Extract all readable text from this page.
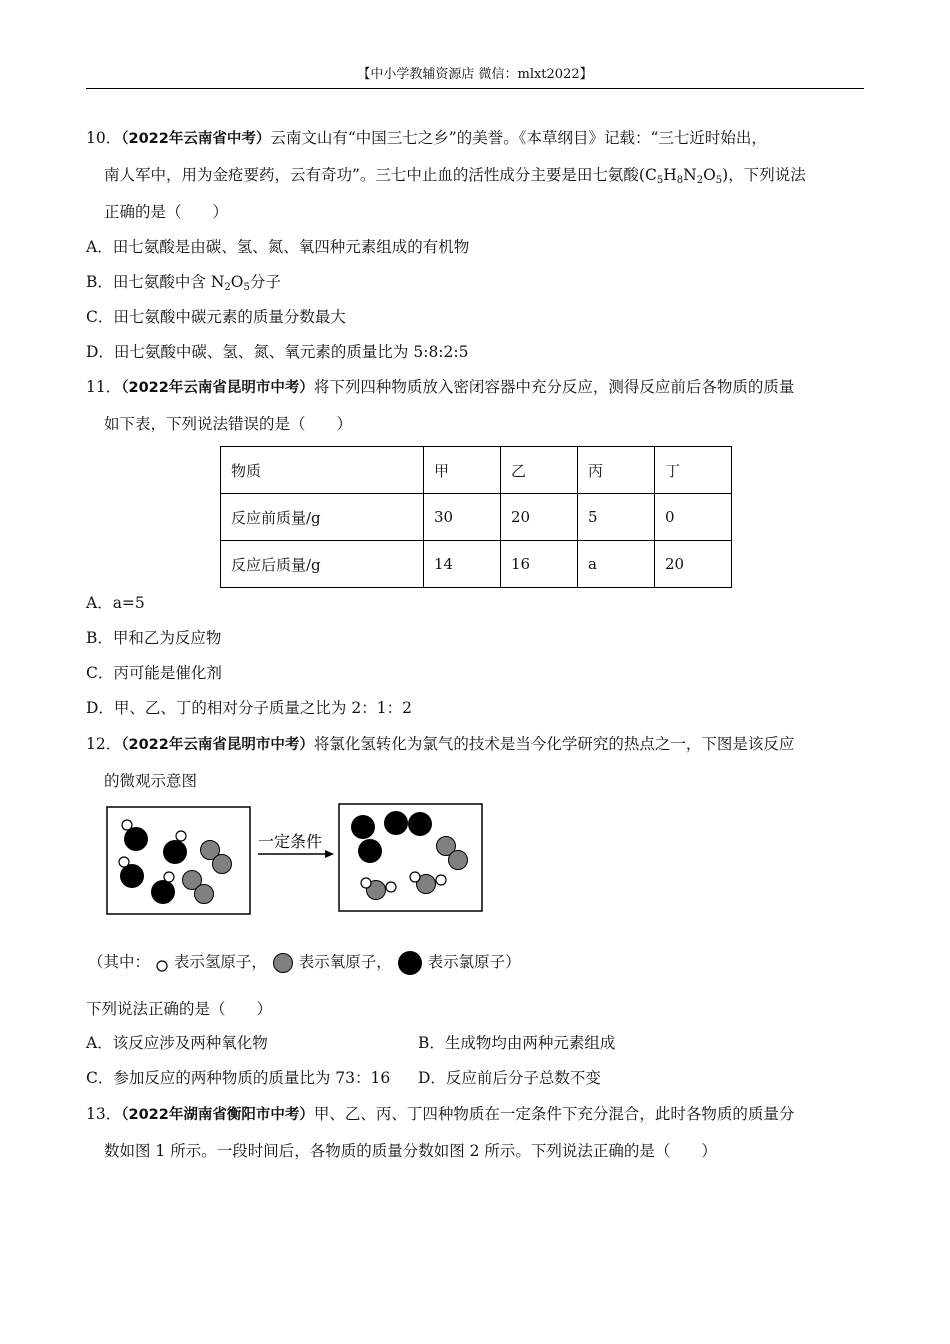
【中小学教辅资源店 微信：mlxt2022】
10．（2022年云南省中考）云南文山有“中国三七之乡”的美誉。《本草纲目》记载：“三七近时始出，
南人军中，用为金疮要药，云有奇功”。三七中止血的活性成分主要是田七氨酸$(C_5H_8N_2O_5)$，下列说法
正确的是（　　）
A．田七氨酸是由碳、氢、氮、氧四种元素组成的有机物
B．田七氨酸中含 $N_2O_5$分子
C．田七氨酸中碳元素的质量分数最大
D．田七氨酸中碳、氢、氮、氧元素的质量比为 5:8:2:5
11．（2022年云南省昆明市中考）将下列四种物质放入密闭容器中充分反应，测得反应前后各物质的质量
如下表，下列说法错误的是（　　）
物质	甲	乙	丙	丁
反应前质量/g	30	20	5	0
反应后质量/g	14	16	a	20
A．a=5
B．甲和乙为反应物
C．丙可能是催化剂
D．甲、乙、丁的相对分子质量之比为 2：1：2
12．（2022年云南省昆明市中考）将氯化氢转化为氯气的技术是当今化学研究的热点之一，下图是该反应
的微观示意图
一定条件
（其中： 表示氢原子， 表示氧原子， 表示氯原子）
下列说法正确的是（　　）
A．该反应涉及两种氧化物	B．生成物均由两种元素组成
C．参加反应的两种物质的质量比为 73：16 D．反应前后分子总数不变
13．（2022年湖南省衡阳市中考）甲、乙、丙、丁四种物质在一定条件下充分混合，此时各物质的质量分
数如图 1 所示。一段时间后，各物质的质量分数如图 2 所示。下列说法正确的是（　　）
